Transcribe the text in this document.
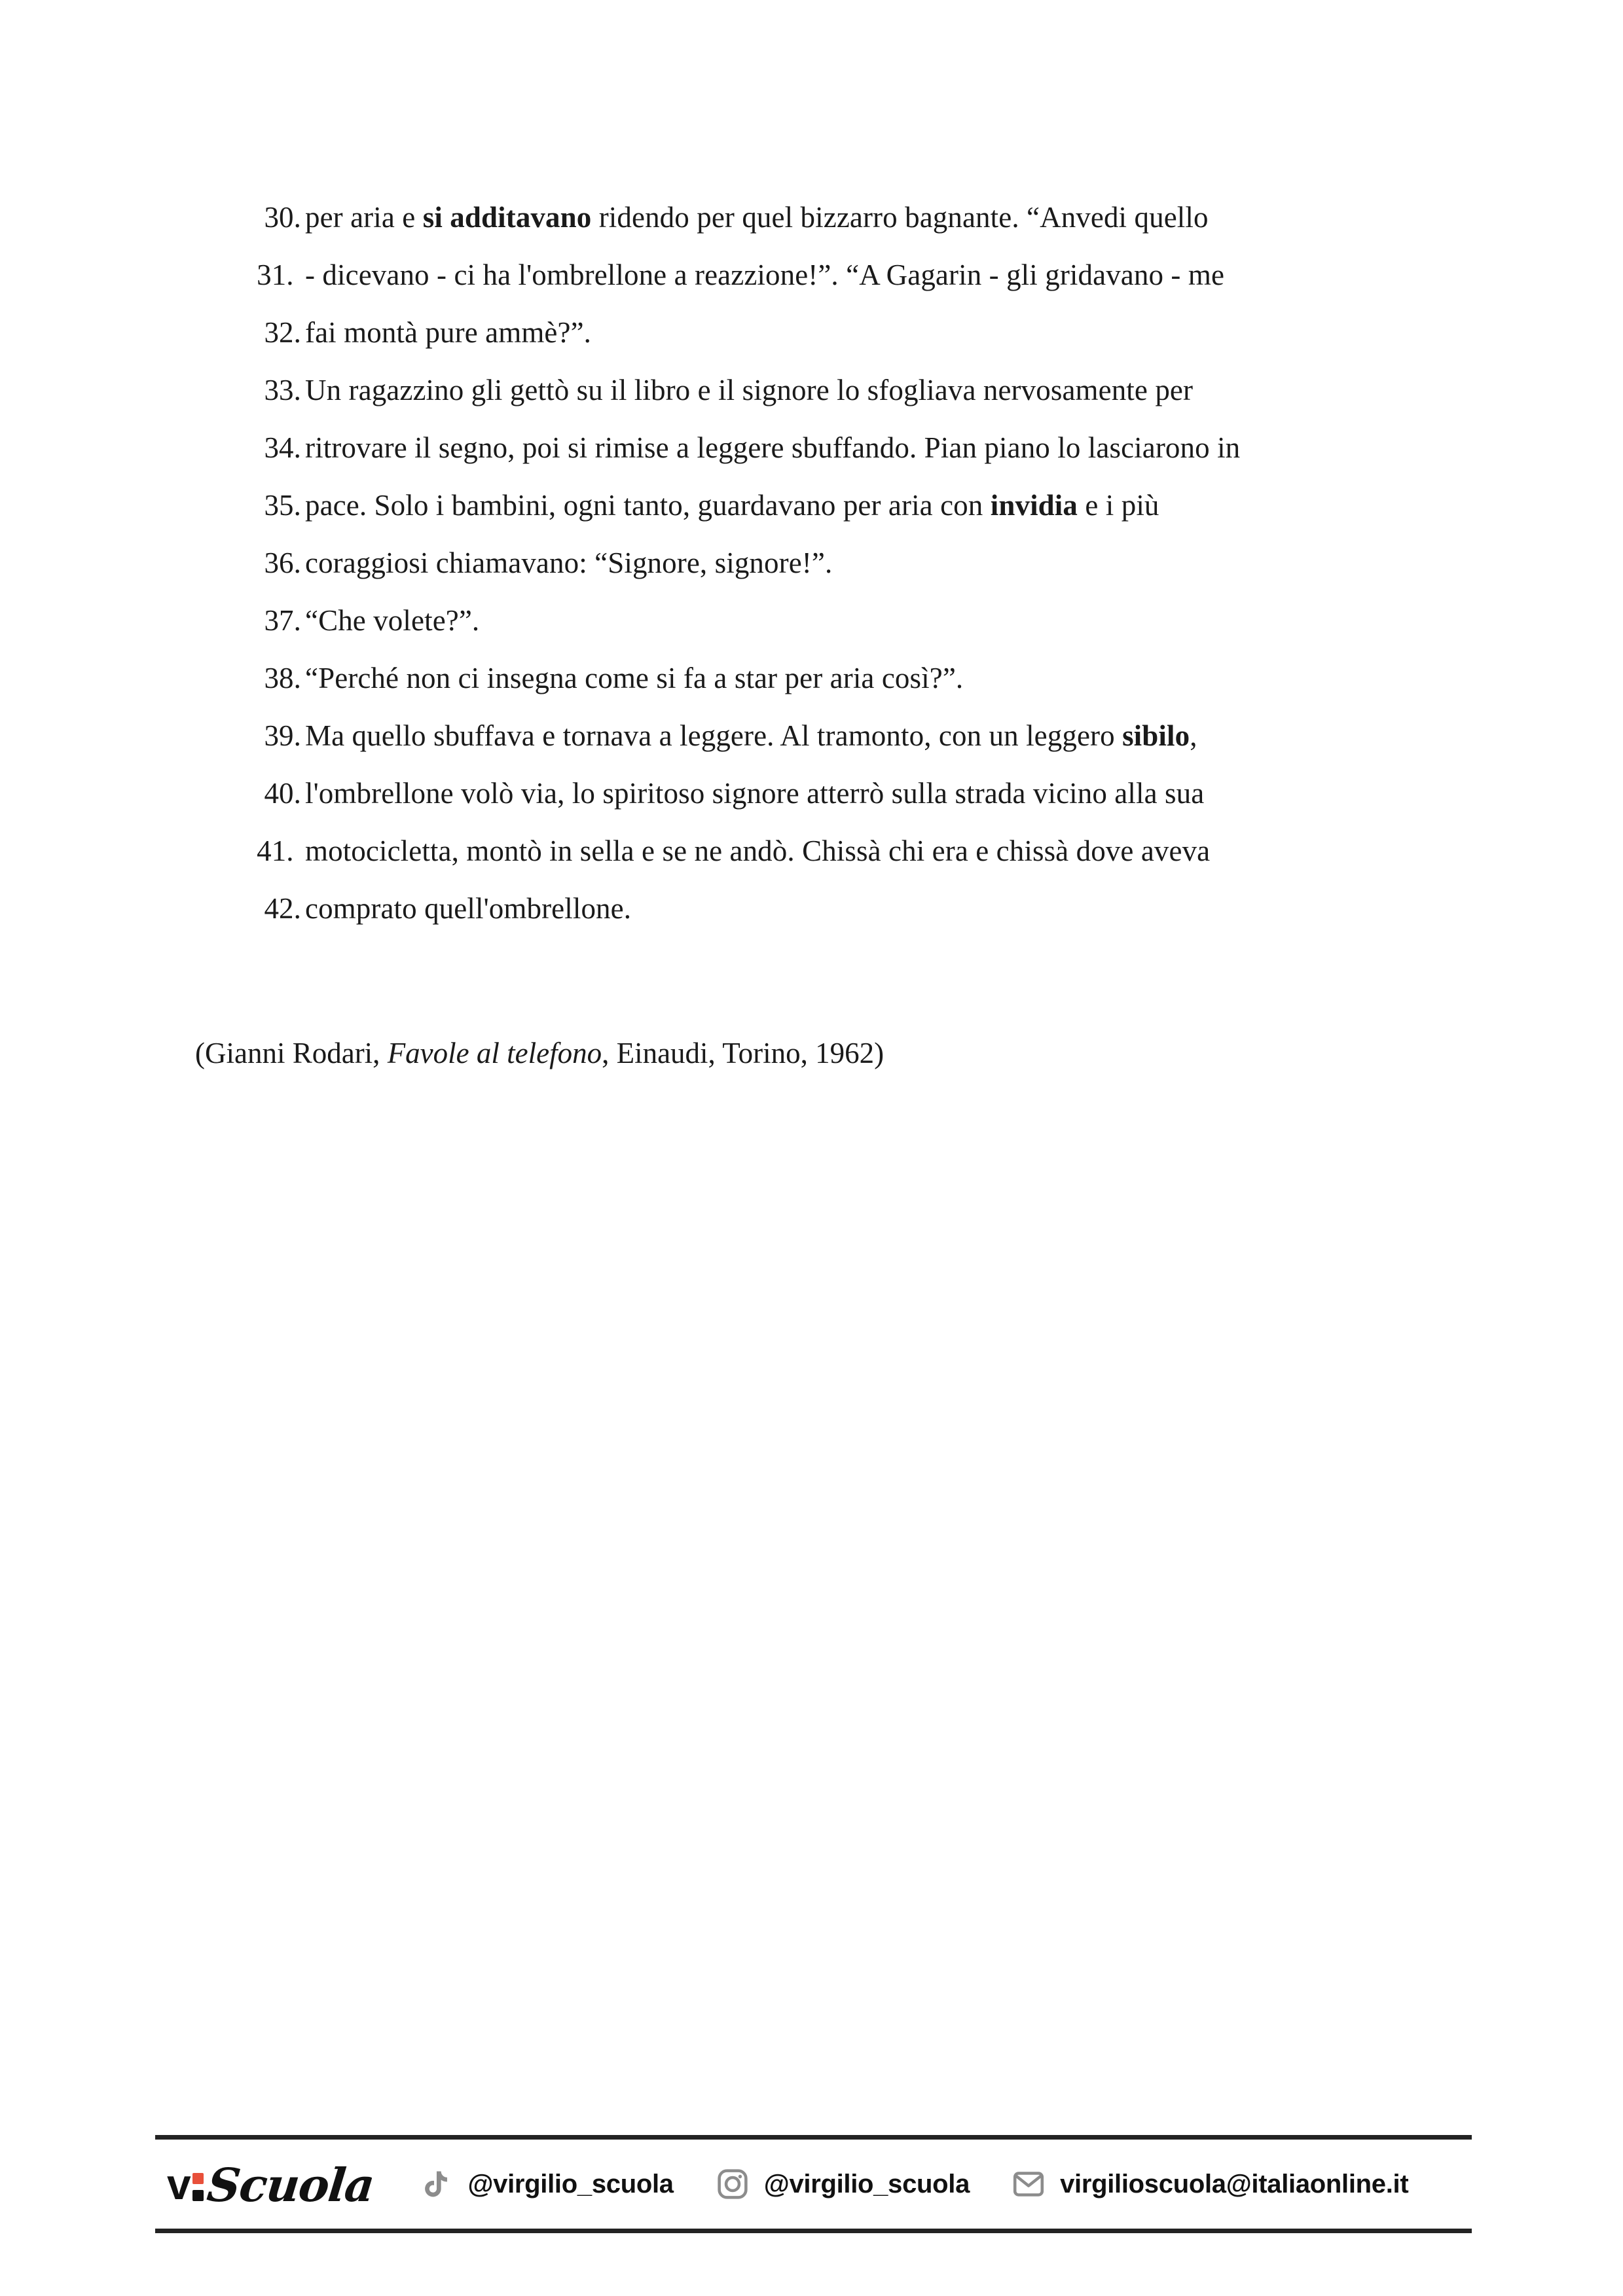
30. per aria e si additavano ridendo per quel bizzarro bagnante. “Anvedi quello
31. - dicevano - ci ha l'ombrellone a reazzione!”. “A Gagarin - gli gridavano - me
32. fai montà pure ammè?”.
33. Un ragazzino gli gettò su il libro e il signore lo sfogliava nervosamente per
34. ritrovare il segno, poi si rimise a leggere sbuffando. Pian piano lo lasciarono in
35. pace. Solo i bambini, ogni tanto, guardavano per aria con invidia e i più
36. coraggiosi chiamavano: “Signore, signore!”.
37. “Che volete?”.
38. “Perché non ci insegna come si fa a star per aria così?”.
39. Ma quello sbuffava e tornava a leggere. Al tramonto, con un leggero sibilo,
40. l'ombrellone volò via, lo spiritoso signore atterrò sulla strada vicino alla sua
41. motocicletta, montò in sella e se ne andò. Chissà chi era e chissà dove aveva
42. comprato quell'ombrellone.
(Gianni Rodari, Favole al telefono, Einaudi, Torino, 1962)
v Scuola	@virgilio_scuola	@virgilio_scuola	virgilioscuola@italiaonline.it
